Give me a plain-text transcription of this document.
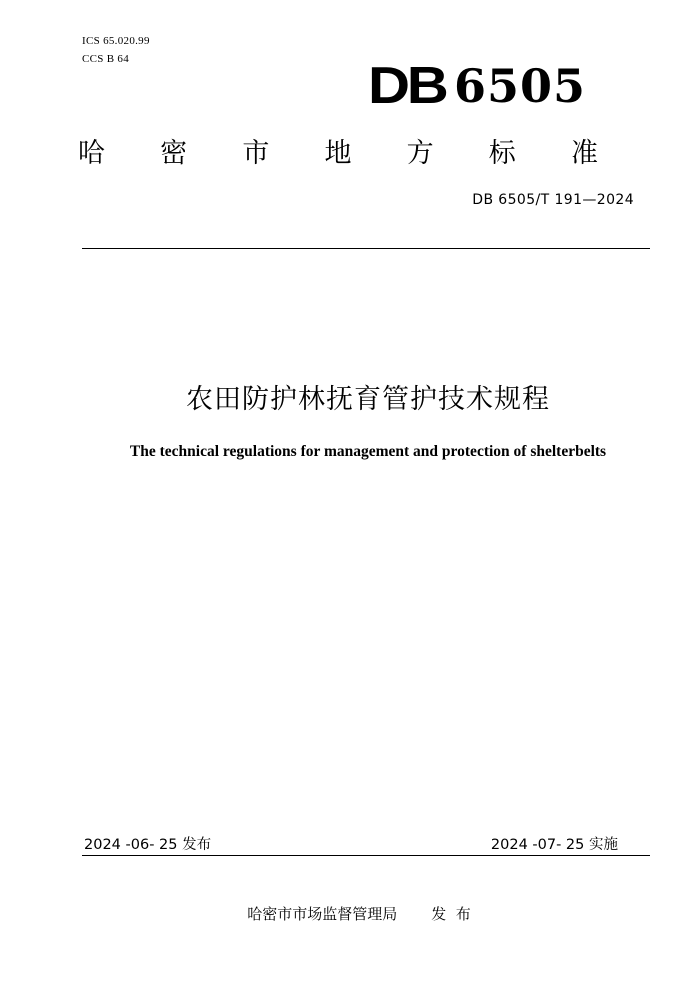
ICS 65.020.99
CCS B 64	DB 6505
哈 密 市 地 方 标 准
DB 6505/T 191—2024
农田防护林抚育管护技术规程
The technical regulations for management and protection of shelterbelts
2024 -06- 25 发布	2024 -07- 25 实施
哈密市市场监督管理局 发  布
